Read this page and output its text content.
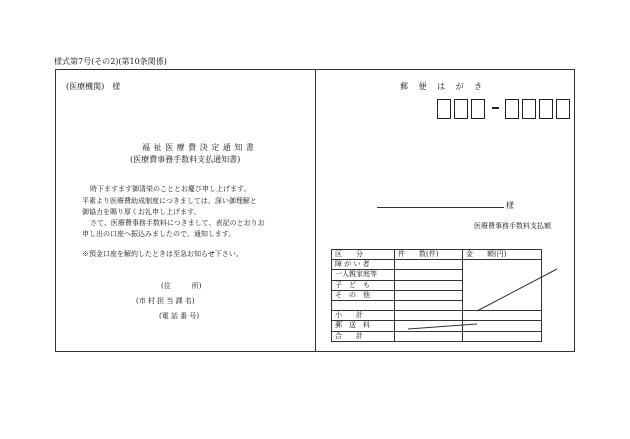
様式第7号(その2)(第10条関係)
(医療機関)　様
福 祉 医 療 費 決 定 通 知 書
(医療費事務手数料支払通知書)
時下ますます御清栄のこととお慶び申し上げます。
平素より医療費助成制度につきましては、深い御理解と
御協力を賜り厚くお礼申し上げます。
さて、医療費事務手数料につきまして、表記のとおりお
申し出の口座へ振込みましたので、通知します。
※預金口座を解約したときは至急お知らせ下さい。
(住　　　所)
(市 村 担 当 課 名)
(電 話 番 号)
郵 便 は が き
様
医療費事務手数料支払額
区　　分	件　　数(件)	金　　額(円)
障 が い 者		
一人親家庭等		
子　ど　も		
そ　の　他		

小　　計		
郵　送　料		
合　　計		
